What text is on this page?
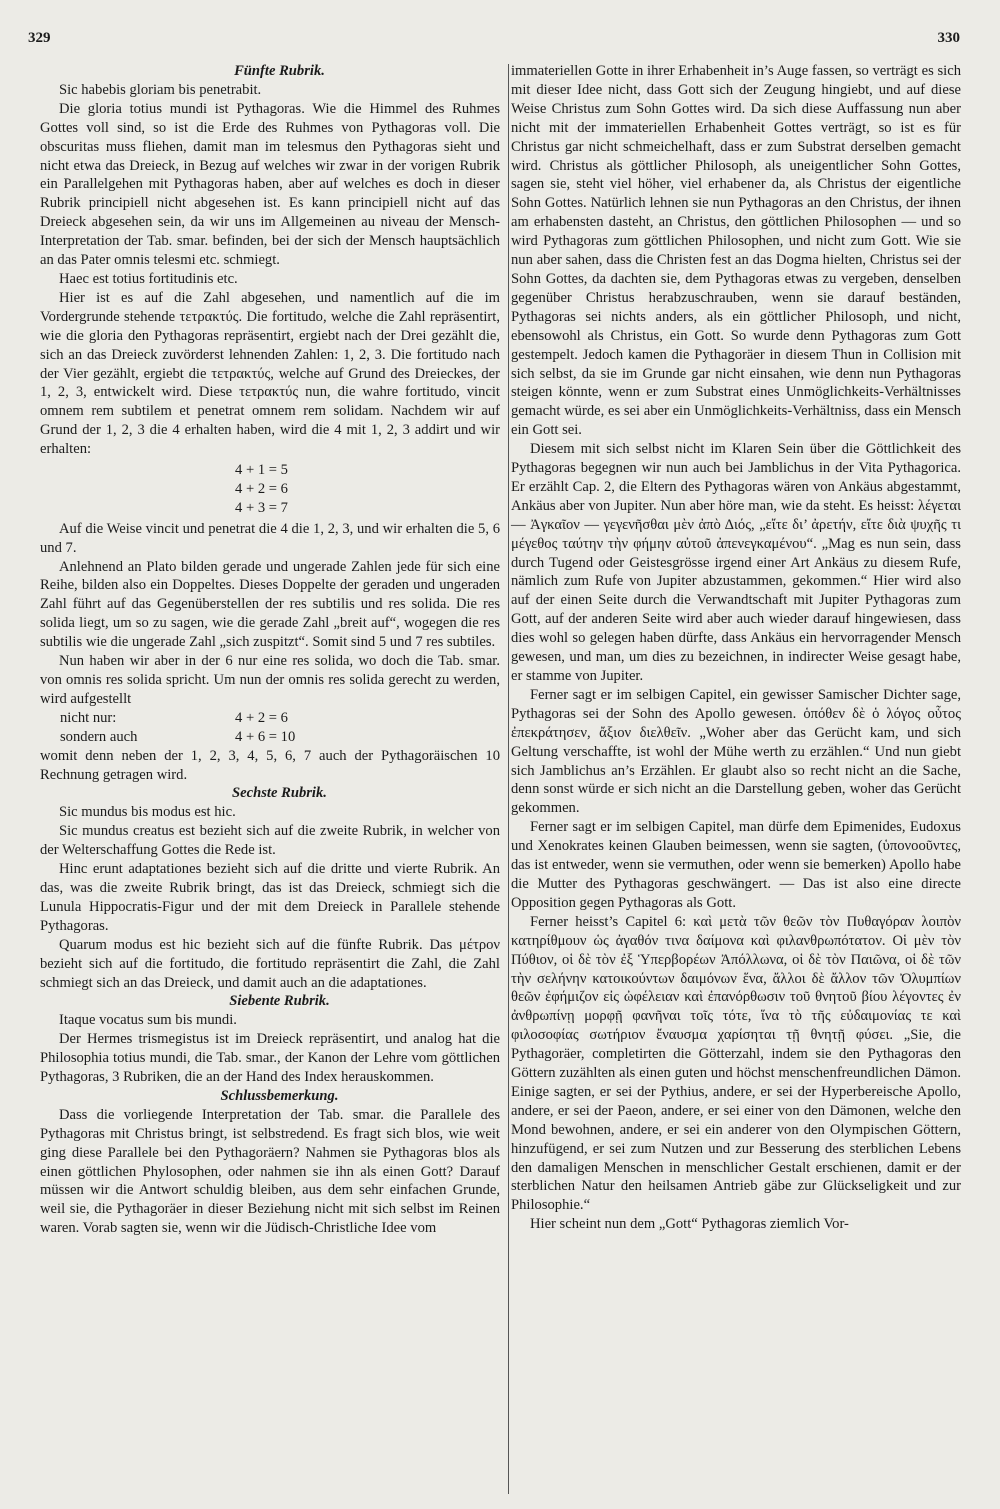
329	330

Fünfte Rubrik.

Sic habebis gloriam bis penetrabit.

Die gloria totius mundi ist Pythagoras. Wie die Himmel des Ruhmes Gottes voll sind, so ist die Erde des Ruhmes von Pythagoras voll. Die obscuritas muss fliehen, damit man im telesmus den Pythagoras sieht und nicht etwa das Dreieck, in Bezug auf welches wir zwar in der vorigen Rubrik ein Parallelgehen mit Pythagoras haben, aber auf welches es doch in dieser Rubrik principiell nicht abgesehen ist. Es kann principiell nicht auf das Dreieck abgesehen sein, da wir uns im Allgemeinen au niveau der Mensch-Interpretation der Tab. smar. befinden, bei der sich der Mensch hauptsächlich an das Pater omnis telesmi etc. schmiegt.

Haec est totius fortitudinis etc.

Hier ist es auf die Zahl abgesehen, und namentlich auf die im Vordergrunde stehende τετρακτύς. Die fortitudo, welche die Zahl repräsentirt, wie die gloria den Pythagoras repräsentirt, ergiebt nach der Drei gezählt die, sich an das Dreieck zuvörderst lehnenden Zahlen: 1, 2, 3. Die fortitudo nach der Vier gezählt, ergiebt die τετρακτύς, welche auf Grund des Dreieckes, der 1, 2, 3, entwickelt wird. Diese τετρακτύς nun, die wahre fortitudo, vincit omnem rem subtilem et penetrat omnem rem solidam. Nachdem wir auf Grund der 1, 2, 3 die 4 erhalten haben, wird die 4 mit 1, 2, 3 addirt und wir erhalten:

4 + 1 = 5
4 + 2 = 6
4 + 3 = 7

Auf die Weise vincit und penetrat die 4 die 1, 2, 3, und wir erhalten die 5, 6 und 7.

Anlehnend an Plato bilden gerade und ungerade Zahlen jede für sich eine Reihe, bilden also ein Doppeltes. Dieses Doppelte der geraden und ungeraden Zahl führt auf das Gegenüberstellen der res subtilis und res solida. Die res solida liegt, um so zu sagen, wie die gerade Zahl „breit auf“, wogegen die res subtilis wie die ungerade Zahl „sich zuspitzt“. Somit sind 5 und 7 res subtiles.

Nun haben wir aber in der 6 nur eine res solida, wo doch die Tab. smar. von omnis res solida spricht. Um nun der omnis res solida gerecht zu werden, wird aufgestellt

nicht nur:	4 + 2 = 6
sondern auch	4 + 6 = 10

womit denn neben der 1, 2, 3, 4, 5, 6, 7 auch der Pythagoräischen 10 Rechnung getragen wird.

Sechste Rubrik.

Sic mundus bis modus est hic.

Sic mundus creatus est bezieht sich auf die zweite Rubrik, in welcher von der Welterschaffung Gottes die Rede ist.

Hinc erunt adaptationes bezieht sich auf die dritte und vierte Rubrik. An das, was die zweite Rubrik bringt, das ist das Dreieck, schmiegt sich die Lunula Hippocratis-Figur und der mit dem Dreieck in Parallele stehende Pythagoras.

Quarum modus est hic bezieht sich auf die fünfte Rubrik. Das μέτρον bezieht sich auf die fortitudo, die fortitudo repräsentirt die Zahl, die Zahl schmiegt sich an das Dreieck, und damit auch an die adaptationes.

Siebente Rubrik.

Itaque vocatus sum bis mundi.

Der Hermes trismegistus ist im Dreieck repräsentirt, und analog hat die Philosophia totius mundi, die Tab. smar., der Kanon der Lehre vom göttlichen Pythagoras, 3 Rubriken, die an der Hand des Index herauskommen.

Schlussbemerkung.

Dass die vorliegende Interpretation der Tab. smar. die Parallele des Pythagoras mit Christus bringt, ist selbstredend. Es fragt sich blos, wie weit ging diese Parallele bei den Pythagoräern? Nahmen sie Pythagoras blos als einen göttlichen Phylosophen, oder nahmen sie ihn als einen Gott? Darauf müssen wir die Antwort schuldig bleiben, aus dem sehr einfachen Grunde, weil sie, die Pythagoräer in dieser Beziehung nicht mit sich selbst im Reinen waren. Vorab sagten sie, wenn wir die Jüdisch-Christliche Idee vom

immateriellen Gotte in ihrer Erhabenheit in’s Auge fassen, so verträgt es sich mit dieser Idee nicht, dass Gott sich der Zeugung hingiebt, und auf diese Weise Christus zum Sohn Gottes wird. Da sich diese Auffassung nun aber nicht mit der immateriellen Erhabenheit Gottes verträgt, so ist es für Christus gar nicht schmeichelhaft, dass er zum Substrat derselben gemacht wird. Christus als göttlicher Philosoph, als uneigentlicher Sohn Gottes, sagen sie, steht viel höher, viel erhabener da, als Christus der eigentliche Sohn Gottes. Natürlich lehnen sie nun Pythagoras an den Christus, der ihnen am erhabensten dasteht, an Christus, den göttlichen Philosophen — und so wird Pythagoras zum göttlichen Philosophen, und nicht zum Gott. Wie sie nun aber sahen, dass die Christen fest an das Dogma hielten, Christus sei der Sohn Gottes, da dachten sie, dem Pythagoras etwas zu vergeben, denselben gegenüber Christus herabzuschrauben, wenn sie darauf beständen, Pythagoras sei nichts anders, als ein göttlicher Philosoph, und nicht, ebensowohl als Christus, ein Gott. So wurde denn Pythagoras zum Gott gestempelt. Jedoch kamen die Pythagoräer in diesem Thun in Collision mit sich selbst, da sie im Grunde gar nicht einsahen, wie denn nun Pythagoras steigen könnte, wenn er zum Substrat eines Unmöglichkeits-Verhältnisses gemacht würde, es sei aber ein Unmöglichkeits-Verhältniss, dass ein Mensch ein Gott sei.

Diesem mit sich selbst nicht im Klaren Sein über die Göttlichkeit des Pythagoras begegnen wir nun auch bei Jamblichus in der Vita Pythagorica. Er erzählt Cap. 2, die Eltern des Pythagoras wären von Ankäus abgestammt, Ankäus aber von Jupiter. Nun aber höre man, wie da steht. Es heisst: λέγεται — Ἀγκαῖον — γεγενῆσθαι μὲν ἀπὸ Διός, „εἴτε δι’ ἀρετήν, εἴτε διὰ ψυχῆς τι μέγεθος ταύτην τὴν φήμην αὐτοῦ ἀπενεγκαμένου“. „Mag es nun sein, dass durch Tugend oder Geistesgrösse irgend einer Art Ankäus zu diesem Rufe, nämlich zum Rufe von Jupiter abzustammen, gekommen.“ Hier wird also auf der einen Seite durch die Verwandtschaft mit Jupiter Pythagoras zum Gott, auf der anderen Seite wird aber auch wieder darauf hingewiesen, dass dies wohl so gelegen haben dürfte, dass Ankäus ein hervorragender Mensch gewesen, und man, um dies zu bezeichnen, in indirecter Weise gesagt habe, er stamme von Jupiter.

Ferner sagt er im selbigen Capitel, ein gewisser Samischer Dichter sage, Pythagoras sei der Sohn des Apollo gewesen. ὁπόθεν δὲ ὁ λόγος οὗτος ἐπεκράτησεν, ἄξιον διελθεῖν. „Woher aber das Gerücht kam, und sich Geltung verschaffte, ist wohl der Mühe werth zu erzählen.“ Und nun giebt sich Jamblichus an’s Erzählen. Er glaubt also so recht nicht an die Sache, denn sonst würde er sich nicht an die Darstellung geben, woher das Gerücht gekommen.

Ferner sagt er im selbigen Capitel, man dürfe dem Epimenides, Eudoxus und Xenokrates keinen Glauben beimessen, wenn sie sagten, (ὑπονοοῦντες, das ist entweder, wenn sie vermuthen, oder wenn sie bemerken) Apollo habe die Mutter des Pythagoras geschwängert. — Das ist also eine directe Opposition gegen Pythagoras als Gott.

Ferner heisst’s Capitel 6: καὶ μετὰ τῶν θεῶν τὸν Πυθαγόραν λοιπὸν κατηρίθμουν ὡς ἀγαθόν τινα δαίμονα καὶ φιλανθρωπότατον. Οἱ μὲν τὸν Πύθιον, οἱ δὲ τὸν ἐξ Ὑπερβορέων Ἀπόλλωνα, οἱ δὲ τὸν Παιῶνα, οἱ δὲ τῶν τὴν σελήνην κατοικούντων δαιμόνων ἕνα, ἄλλοι δὲ ἄλλον τῶν Ὀλυμπίων θεῶν ἐφήμιζον εἰς ὠφέλειαν καὶ ἐπανόρθωσιν τοῦ θνητοῦ βίου λέγοντες ἐν ἀνθρωπίνῃ μορφῇ φανῆναι τοῖς τότε, ἵνα τὸ τῆς εὐδαιμονίας τε καὶ φιλοσοφίας σωτήριον ἔναυσμα χαρίσηται τῇ θνητῇ φύσει. „Sie, die Pythagoräer, completirten die Götterzahl, indem sie den Pythagoras den Göttern zuzählten als einen guten und höchst menschenfreundlichen Dämon. Einige sagten, er sei der Pythius, andere, er sei der Hyperbereische Apollo, andere, er sei der Paeon, andere, er sei einer von den Dämonen, welche den Mond bewohnen, andere, er sei ein anderer von den Olympischen Göttern, hinzufügend, er sei zum Nutzen und zur Besserung des sterblichen Lebens den damaligen Menschen in menschlicher Gestalt erschienen, damit er der sterblichen Natur den heilsamen Antrieb gäbe zur Glückseligkeit und zur Philosophie.“

Hier scheint nun dem „Gott“ Pythagoras ziemlich Vor-
